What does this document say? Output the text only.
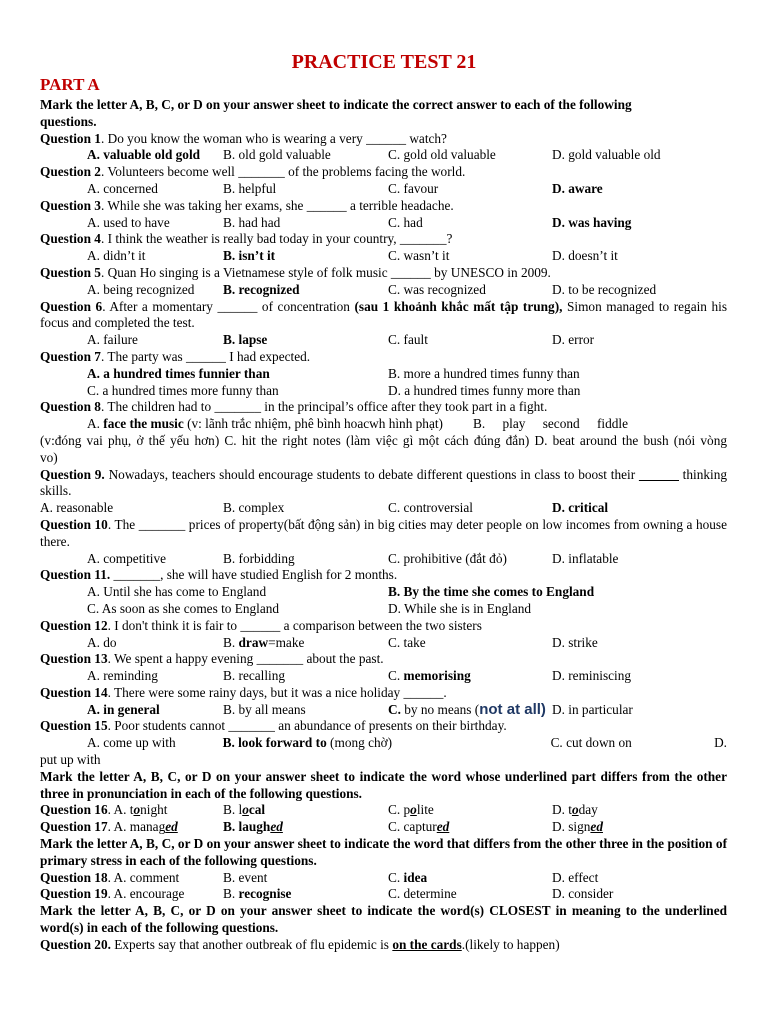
PRACTICE TEST 21
PART A

Mark the letter A, B, C, or D on your answer sheet to indicate the correct answer to each of the following
questions.

Question 1. Do you know the woman who is wearing a very ______ watch?

A. valuable old gold	B. old gold valuable	C. gold old valuable	D. gold valuable old

Question 2. Volunteers become well _______ of the problems facing the world.

A. concerned	B. helpful	C. favour	D. aware

Question 3. While she was taking her exams, she ______ a terrible headache.

A. used to have	B. had had	C. had	D. was having

Question 4. I think the weather is really bad today in your country, _______?

A. didn’t it	B. isn’t it	C. wasn’t it	D. doesn’t it

Question 5. Quan Ho singing is a Vietnamese style of folk music ______ by UNESCO in 2009.

A. being recognized	B. recognized	C. was recognized	D. to be recognized

Question 6. After a momentary ______ of concentration (sau 1 khoảnh khắc mất tập trung), Simon managed to regain his focus and completed the test.

A. failure	B. lapse	C. fault	D. error

Question 7. The party was ______ I had expected.

A. a hundred times funnier than	B. more a hundred times funny than
C. a hundred times more funny than	D. a hundred times funny more than

Question 8. The children had to _______ in the principal’s office after they took part in a fight.

A. face the music (v: lãnh trắc nhiệm, phê bình hoacwh hình phạt) B. play second fiddle

(v:đóng vai phụ, ở thế yếu hơn) C. hit the right notes (làm việc gì một cách đúng đắn) D. beat around the bush (nói vòng vo)

Question 9. Nowadays, teachers should encourage students to debate different questions in class to boost their ______ thinking skills.

A. reasonable	B. complex	C. controversial	D. critical

Question 10. The _______ prices of property(bất động sản) in big cities may deter people on low incomes from owning a house there.

A. competitive	B. forbidding	C. prohibitive (đắt đỏ)	D. inflatable

Question 11. _______, she will have studied English for 2 months.

A. Until she has come to England	B. By the time she comes to England
C. As soon as she comes to England	D. While she is in England

Question 12. I don't think it is fair to ______ a comparison between the two sisters

A. do	B. draw=make	C. take	D. strike

Question 13. We spent a happy evening _______ about the past.

A. reminding	B. recalling	C. memorising	D. reminiscing

Question 14. There were some rainy days, but it was a nice holiday ______.

A. in general	B. by all means	C. by no means (not at all) D. in particular

Question 15. Poor students cannot _______ an abundance of presents on their birthday.

A. come up with	B. look forward to (mong chờ)	C. cut down on	D.

put up with

Mark the letter A, B, C, or D on your answer sheet to indicate the word whose underlined part differs from the other three in pronunciation in each of the following questions.

Question 16. A. tonight	B. local	C. polite	D. today
Question 17. A. managed	B. laughed	C. captured	D. signed

Mark the letter A, B, C, or D on your answer sheet to indicate the word that differs from the other three in the position of primary stress in each of the following questions.

Question 18. A. comment	B. event	C. idea	D. effect
Question 19. A. encourage	B. recognise	C. determine	D. consider

Mark the letter A, B, C, or D on your answer sheet to indicate the word(s) CLOSEST in meaning to the underlined word(s) in each of the following questions.

Question 20. Experts say that another outbreak of flu epidemic is on the cards.(likely to happen)
